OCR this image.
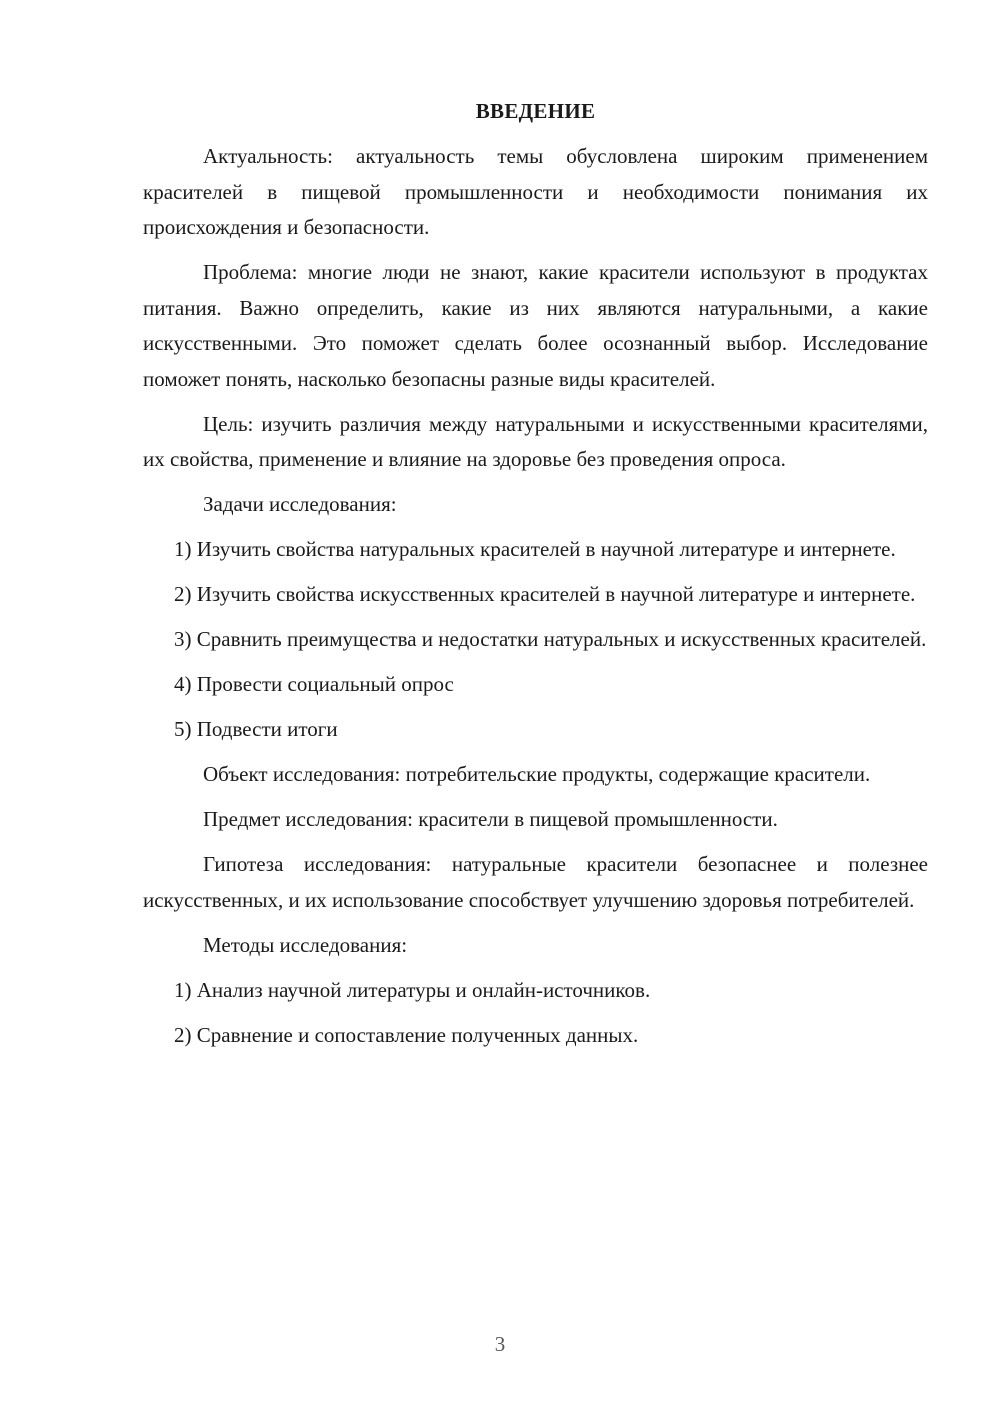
ВВЕДЕНИЕ

Актуальность: актуальность темы обусловлена широким применением красителей в пищевой промышленности и необходимости понимания их происхождения и безопасности.

Проблема: многие люди не знают, какие красители используют в продуктах питания. Важно определить, какие из них являются натуральными, а какие искусственными. Это поможет сделать более осознанный выбор. Исследование поможет понять, насколько безопасны разные виды красителей.

Цель: изучить различия между натуральными и искусственными красителями, их свойства, применение и влияние на здоровье без проведения опроса.

Задачи исследования:

1) Изучить свойства натуральных красителей в научной литературе и интернете.

2) Изучить свойства искусственных красителей в научной литературе и интернете.

3) Сравнить преимущества и недостатки натуральных и искусственных красителей.

4) Провести социальный опрос

5) Подвести итоги

Объект исследования: потребительские продукты, содержащие красители.

Предмет исследования: красители в пищевой промышленности.

Гипотеза исследования: натуральные красители безопаснее и полезнее искусственных, и их использование способствует улучшению здоровья потребителей.

Методы исследования:

1) Анализ научной литературы и онлайн-источников.

2) Сравнение и сопоставление полученных данных.

3
